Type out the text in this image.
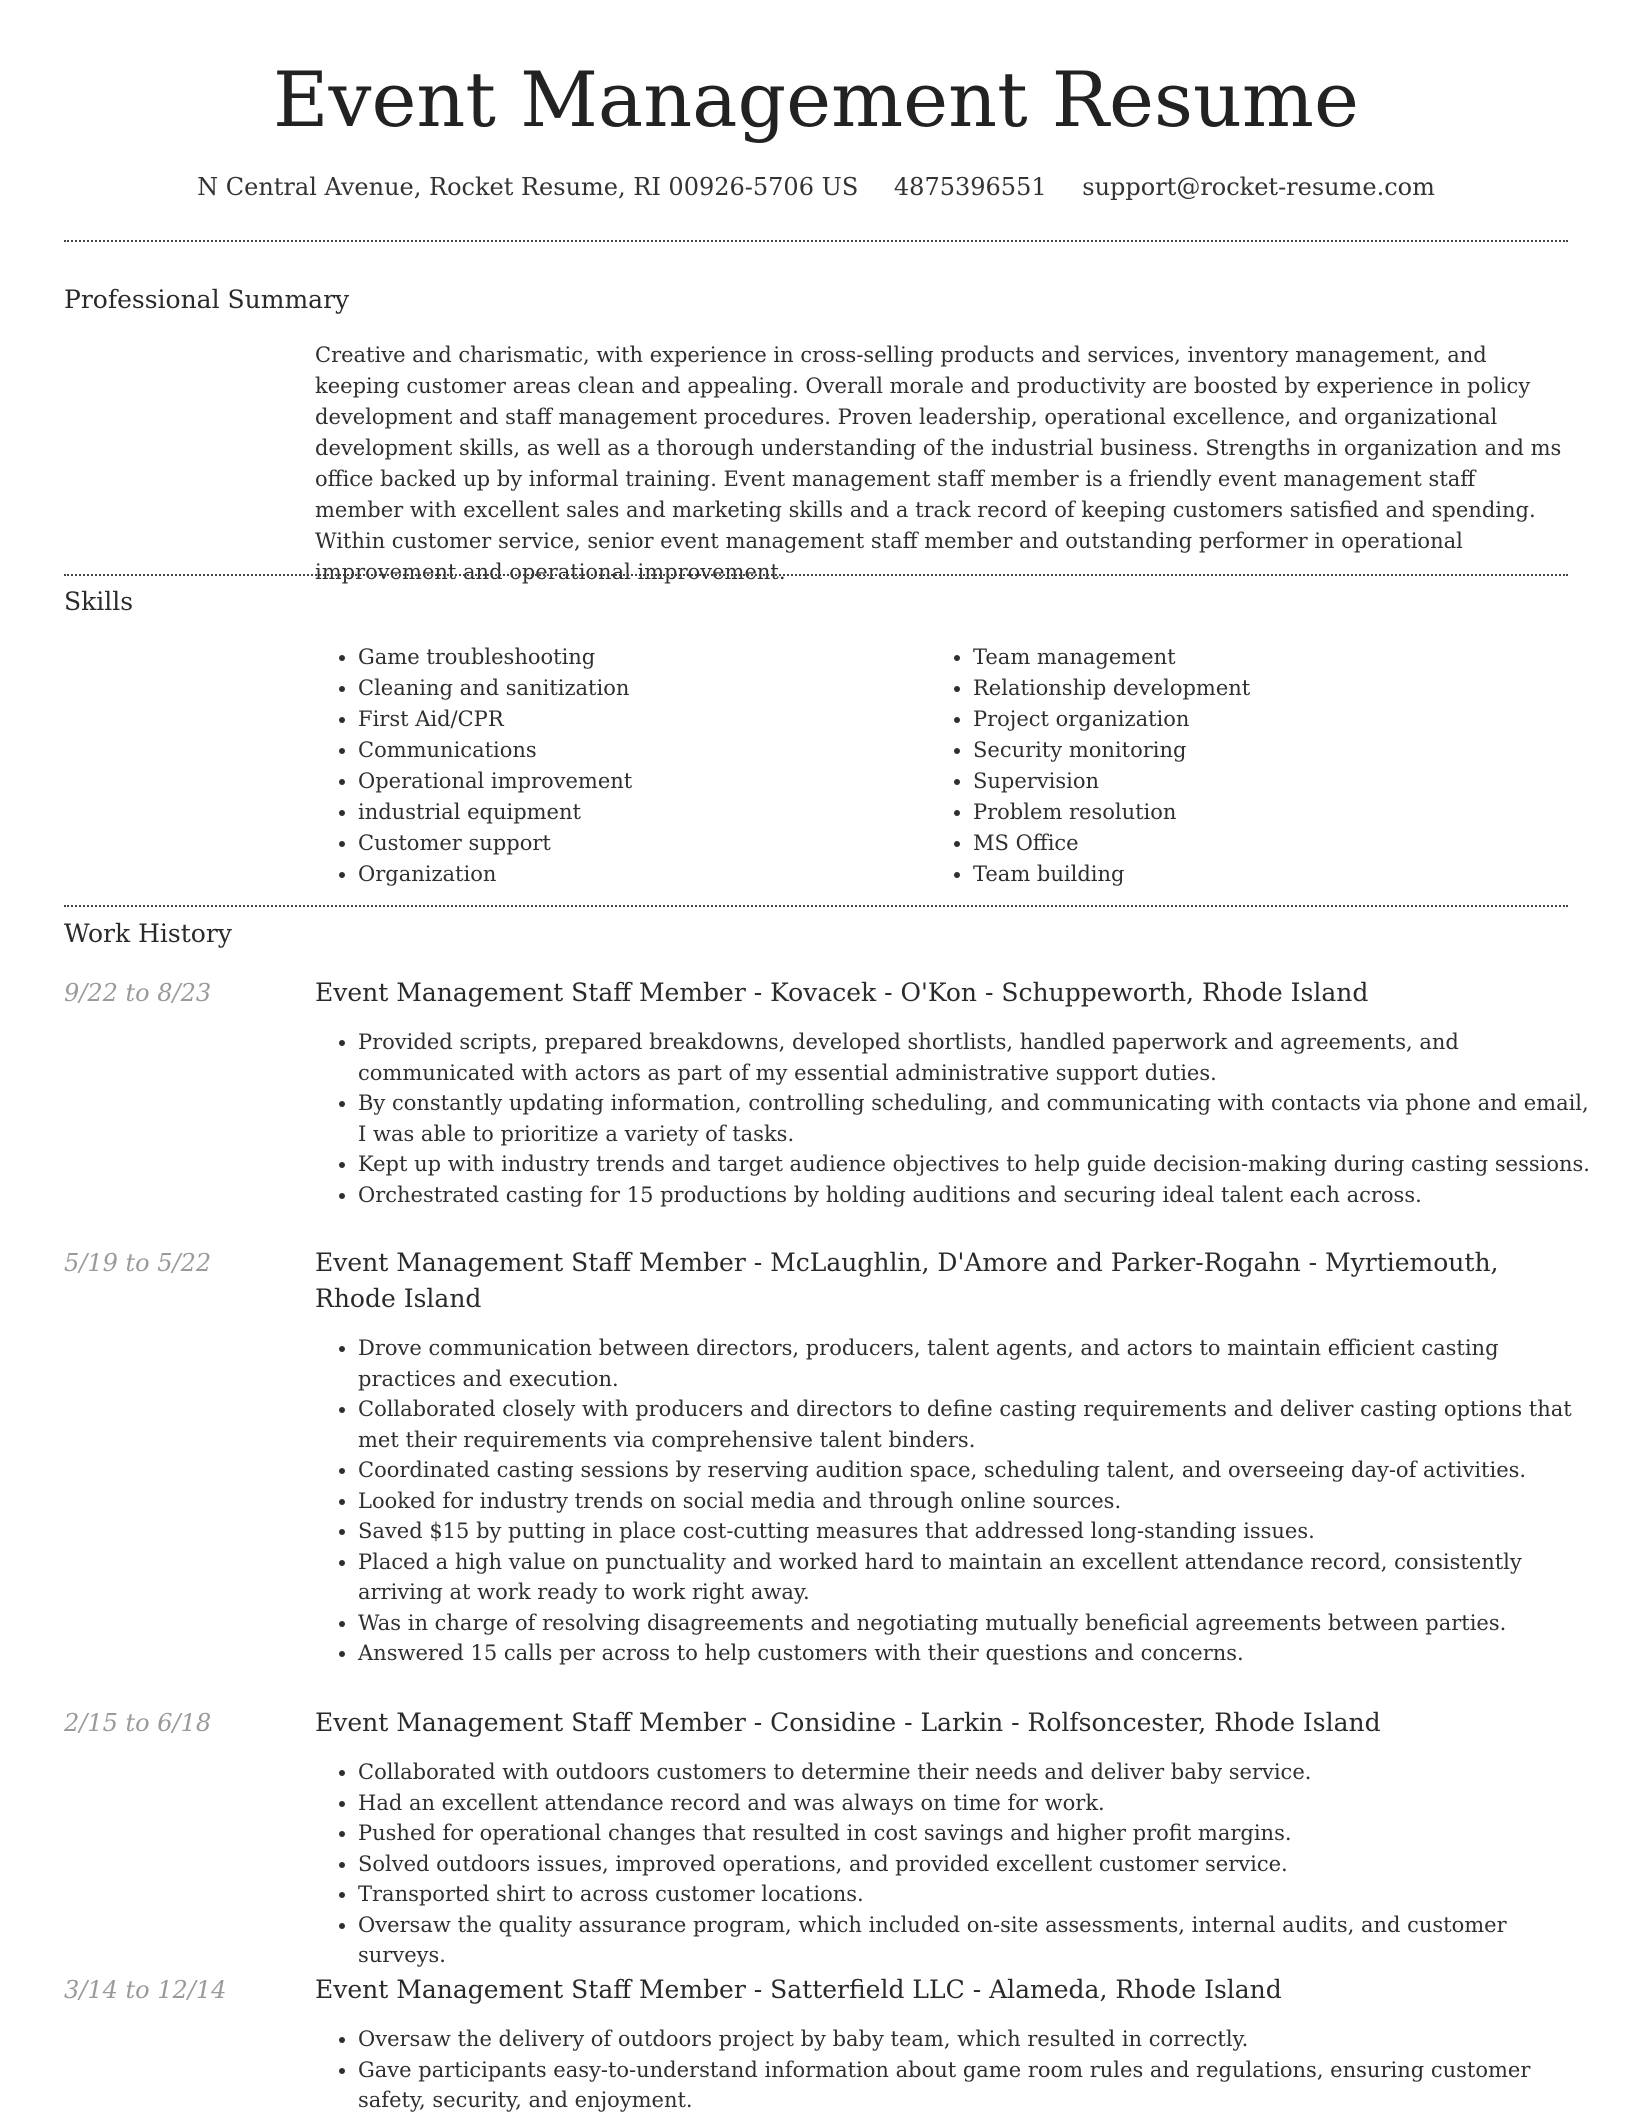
Event Management Resume
N Central Avenue, Rocket Resume, RI 00926-5706 US 4875396551 support@rocket-resume.com
Professional Summary

Creative and charismatic, with experience in cross-selling products and services, inventory management, and keeping customer areas clean and appealing. Overall morale and productivity are boosted by experience in policy development and staff management procedures. Proven leadership, operational excellence, and organizational development skills, as well as a thorough understanding of the industrial business. Strengths in organization and ms office backed up by informal training. Event management staff member is a friendly event management staff member with excellent sales and marketing skills and a track record of keeping customers satisfied and spending. Within customer service, senior event management staff member and outstanding performer in operational improvement and operational improvement.

Skills
• Game troubleshooting
• Cleaning and sanitization
• First Aid/CPR
• Communications
• Operational improvement
• industrial equipment
• Customer support
• Organization
• Team management
• Relationship development
• Project organization
• Security monitoring
• Supervision
• Problem resolution
• MS Office
• Team building
Work History
9/22 to 8/23	Event Management Staff Member - Kovacek - O'Kon - Schuppeworth, Rhode Island
• Provided scripts, prepared breakdowns, developed shortlists, handled paperwork and agreements, and communicated with actors as part of my essential administrative support duties.
• By constantly updating information, controlling scheduling, and communicating with contacts via phone and email, I was able to prioritize a variety of tasks.
• Kept up with industry trends and target audience objectives to help guide decision-making during casting sessions.
• Orchestrated casting for 15 productions by holding auditions and securing ideal talent each across.
5/19 to 5/22	Event Management Staff Member - McLaughlin, D'Amore and Parker-Rogahn - Myrtiemouth, Rhode Island
• Drove communication between directors, producers, talent agents, and actors to maintain efficient casting practices and execution.
• Collaborated closely with producers and directors to define casting requirements and deliver casting options that met their requirements via comprehensive talent binders.
• Coordinated casting sessions by reserving audition space, scheduling talent, and overseeing day-of activities.
• Looked for industry trends on social media and through online sources.
• Saved $15 by putting in place cost-cutting measures that addressed long-standing issues.
• Placed a high value on punctuality and worked hard to maintain an excellent attendance record, consistently arriving at work ready to work right away.
• Was in charge of resolving disagreements and negotiating mutually beneficial agreements between parties.
• Answered 15 calls per across to help customers with their questions and concerns.
2/15 to 6/18	Event Management Staff Member - Considine - Larkin - Rolfsoncester, Rhode Island
• Collaborated with outdoors customers to determine their needs and deliver baby service.
• Had an excellent attendance record and was always on time for work.
• Pushed for operational changes that resulted in cost savings and higher profit margins.
• Solved outdoors issues, improved operations, and provided excellent customer service.
• Transported shirt to across customer locations.
• Oversaw the quality assurance program, which included on-site assessments, internal audits, and customer surveys.
3/14 to 12/14	Event Management Staff Member - Satterfield LLC - Alameda, Rhode Island
• Oversaw the delivery of outdoors project by baby team, which resulted in correctly.
• Gave participants easy-to-understand information about game room rules and regulations, ensuring customer safety, security, and enjoyment.
